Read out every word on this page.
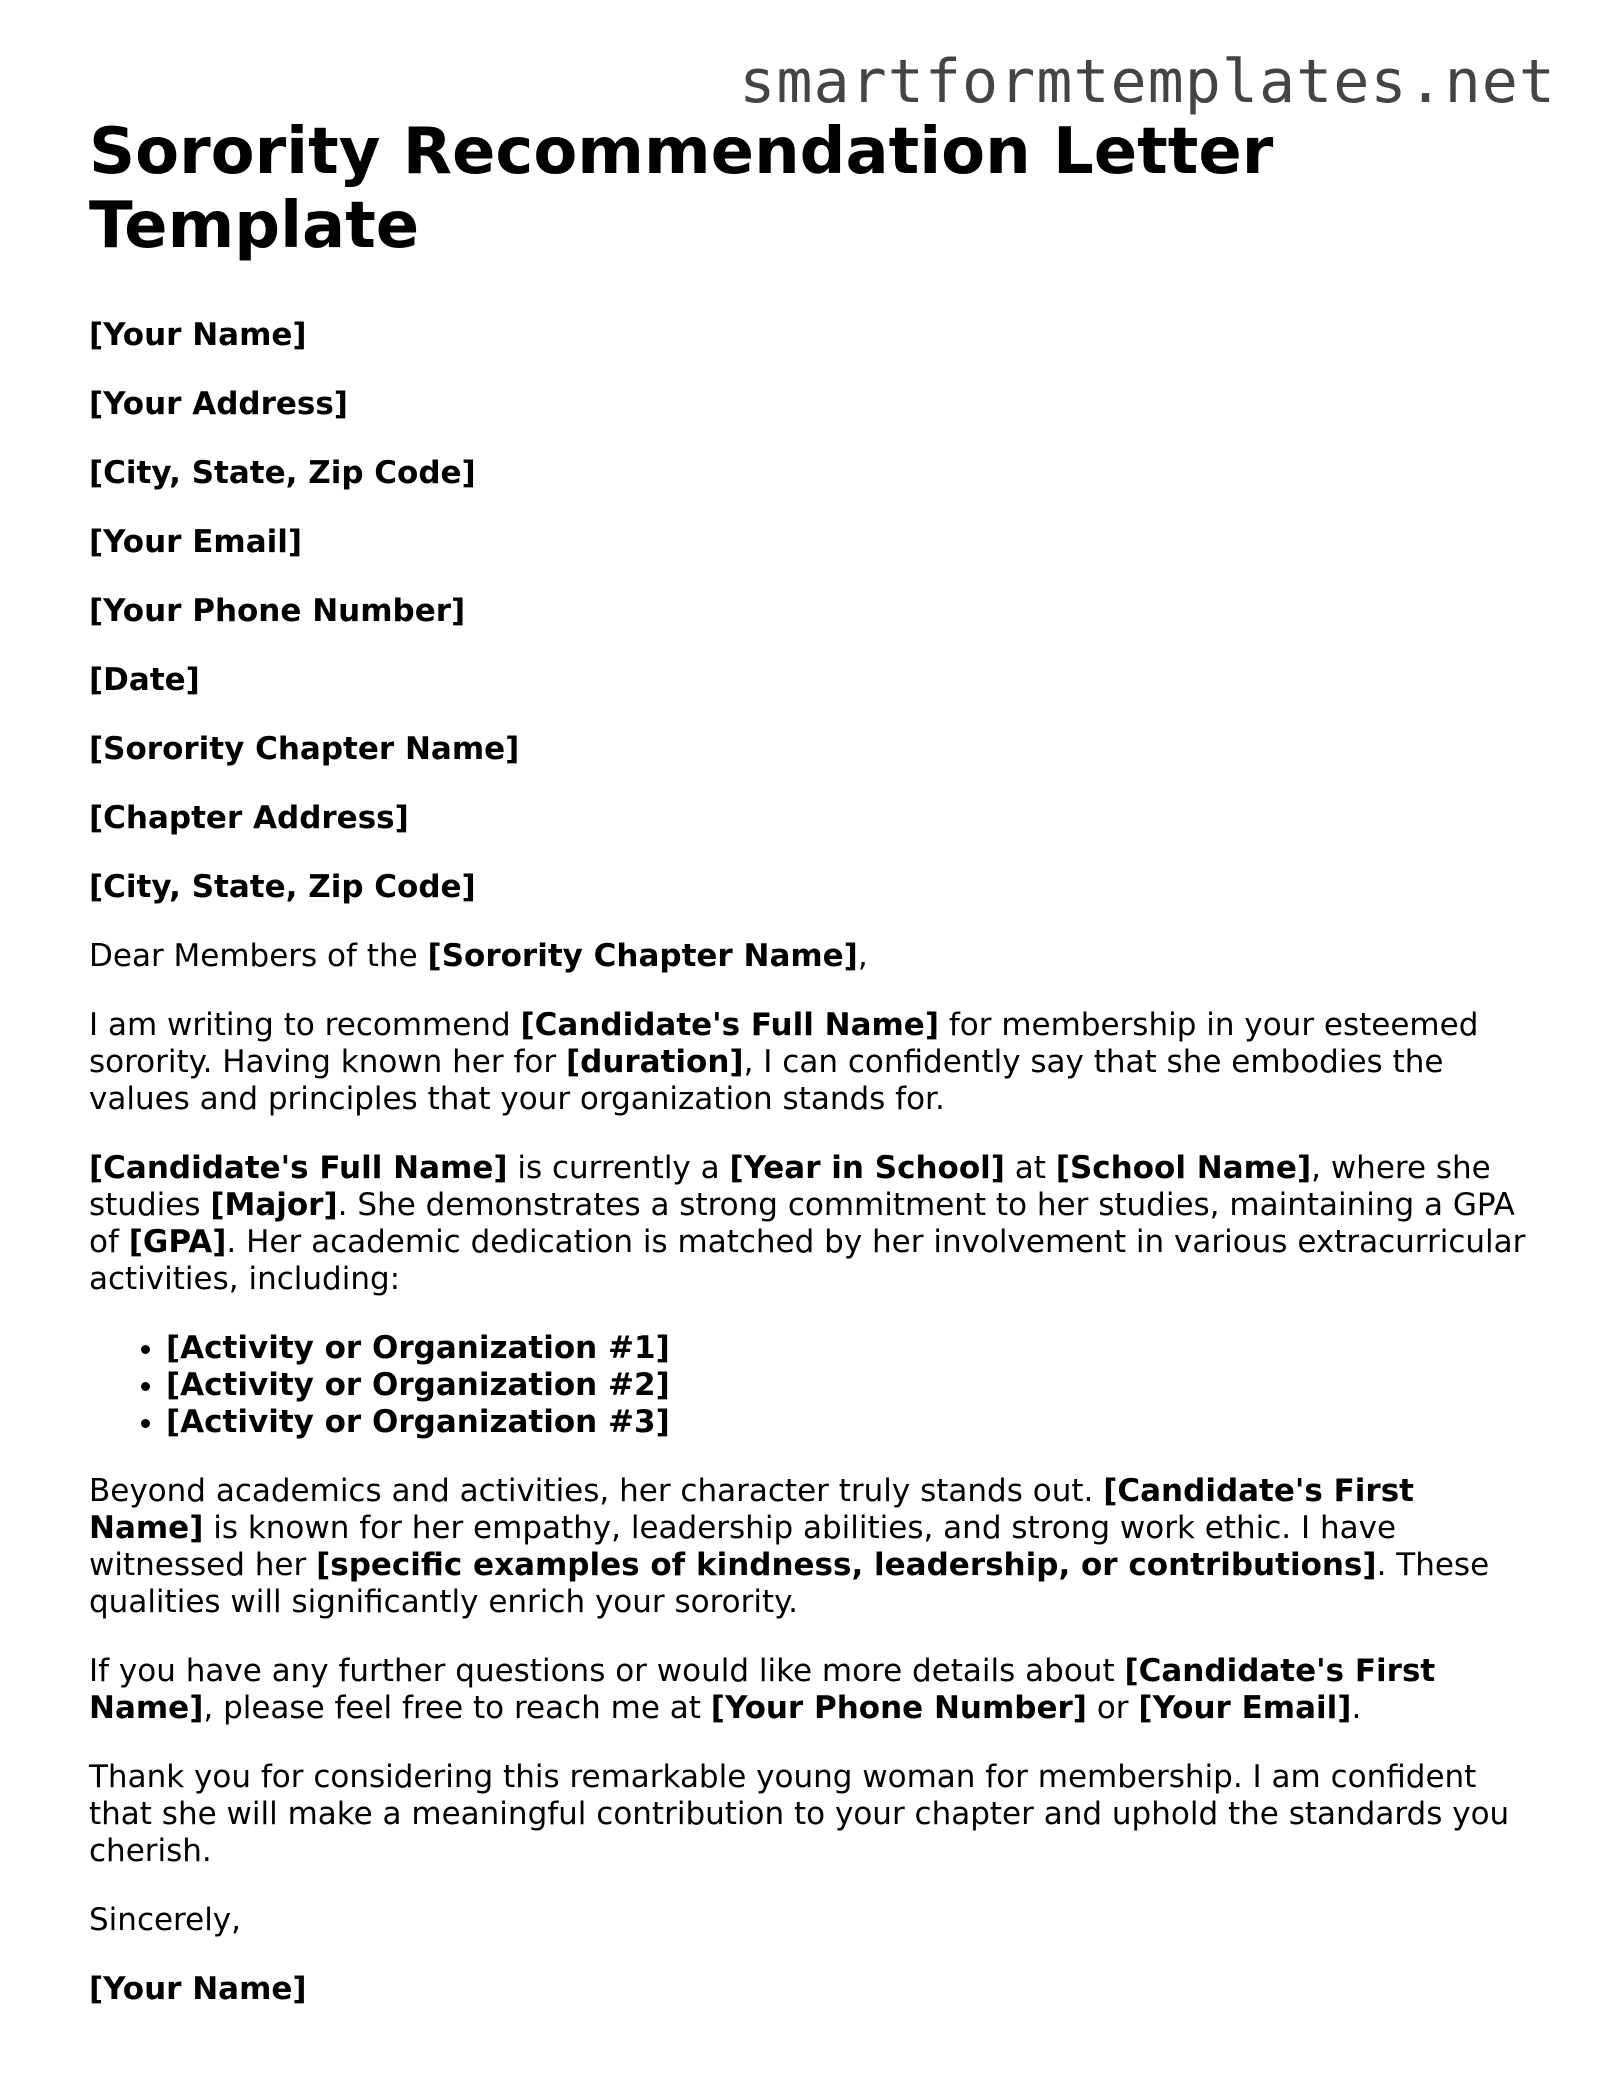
smartformtemplates.net
Sorority Recommendation Letter Template
[Your Name]
[Your Address]
[City, State, Zip Code]
[Your Email]
[Your Phone Number]
[Date]
[Sorority Chapter Name]
[Chapter Address]
[City, State, Zip Code]

Dear Members of the [Sorority Chapter Name],

I am writing to recommend [Candidate's Full Name] for membership in your esteemed sorority. Having known her for [duration], I can confidently say that she embodies the values and principles that your organization stands for.

[Candidate's Full Name] is currently a [Year in School] at [School Name], where she studies [Major]. She demonstrates a strong commitment to her studies, maintaining a GPA of [GPA]. Her academic dedication is matched by her involvement in various extracurricular activities, including:

• [Activity or Organization #1]
• [Activity or Organization #2]
• [Activity or Organization #3]

Beyond academics and activities, her character truly stands out. [Candidate's First Name] is known for her empathy, leadership abilities, and strong work ethic. I have witnessed her [specific examples of kindness, leadership, or contributions]. These qualities will significantly enrich your sorority.

If you have any further questions or would like more details about [Candidate's First Name], please feel free to reach me at [Your Phone Number] or [Your Email].

Thank you for considering this remarkable young woman for membership. I am confident that she will make a meaningful contribution to your chapter and uphold the standards you cherish.

Sincerely,

[Your Name]
